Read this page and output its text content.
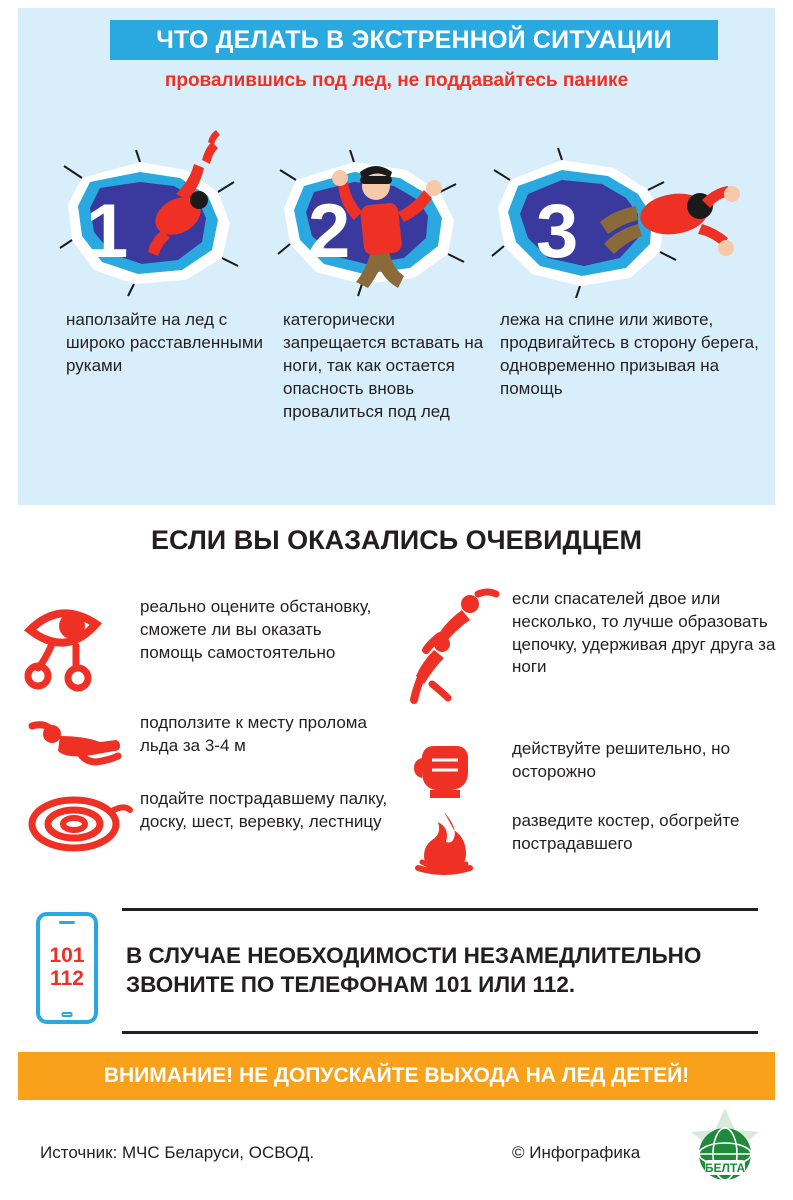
ЧТО ДЕЛАТЬ В ЭКСТРЕННОЙ СИТУАЦИИ
провалившись под лед, не поддавайтесь панике
1 2 3
наползайте на лед с широко расставленными руками
категорически запрещается вставать на ноги, так как остается опасность вновь провалиться под лед
лежа на спине или животе, продвигайтесь в сторону берега, одновременно призывая на помощь
ЕСЛИ ВЫ ОКАЗАЛИСЬ ОЧЕВИДЦЕМ
реально оцените обстановку, сможете ли вы оказать помощь самостоятельно
подползите к месту пролома льда за 3-4 м
подайте пострадавшему палку, доску, шест, веревку, лестницу
если спасателей двое или несколько, то лучше образовать цепочку, удерживая друг друга за ноги
действуйте решительно, но осторожно
разведите костер, обогрейте пострадавшего
101
112
В СЛУЧАЕ НЕОБХОДИМОСТИ НЕЗАМЕДЛИТЕЛЬНО ЗВОНИТЕ ПО ТЕЛЕФОНАМ 101 ИЛИ 112.
ВНИМАНИЕ! НЕ ДОПУСКАЙТЕ ВЫХОДА НА ЛЕД ДЕТЕЙ!
Источник: МЧС Беларуси, ОСВОД.	© Инфографика
БЕЛТА
